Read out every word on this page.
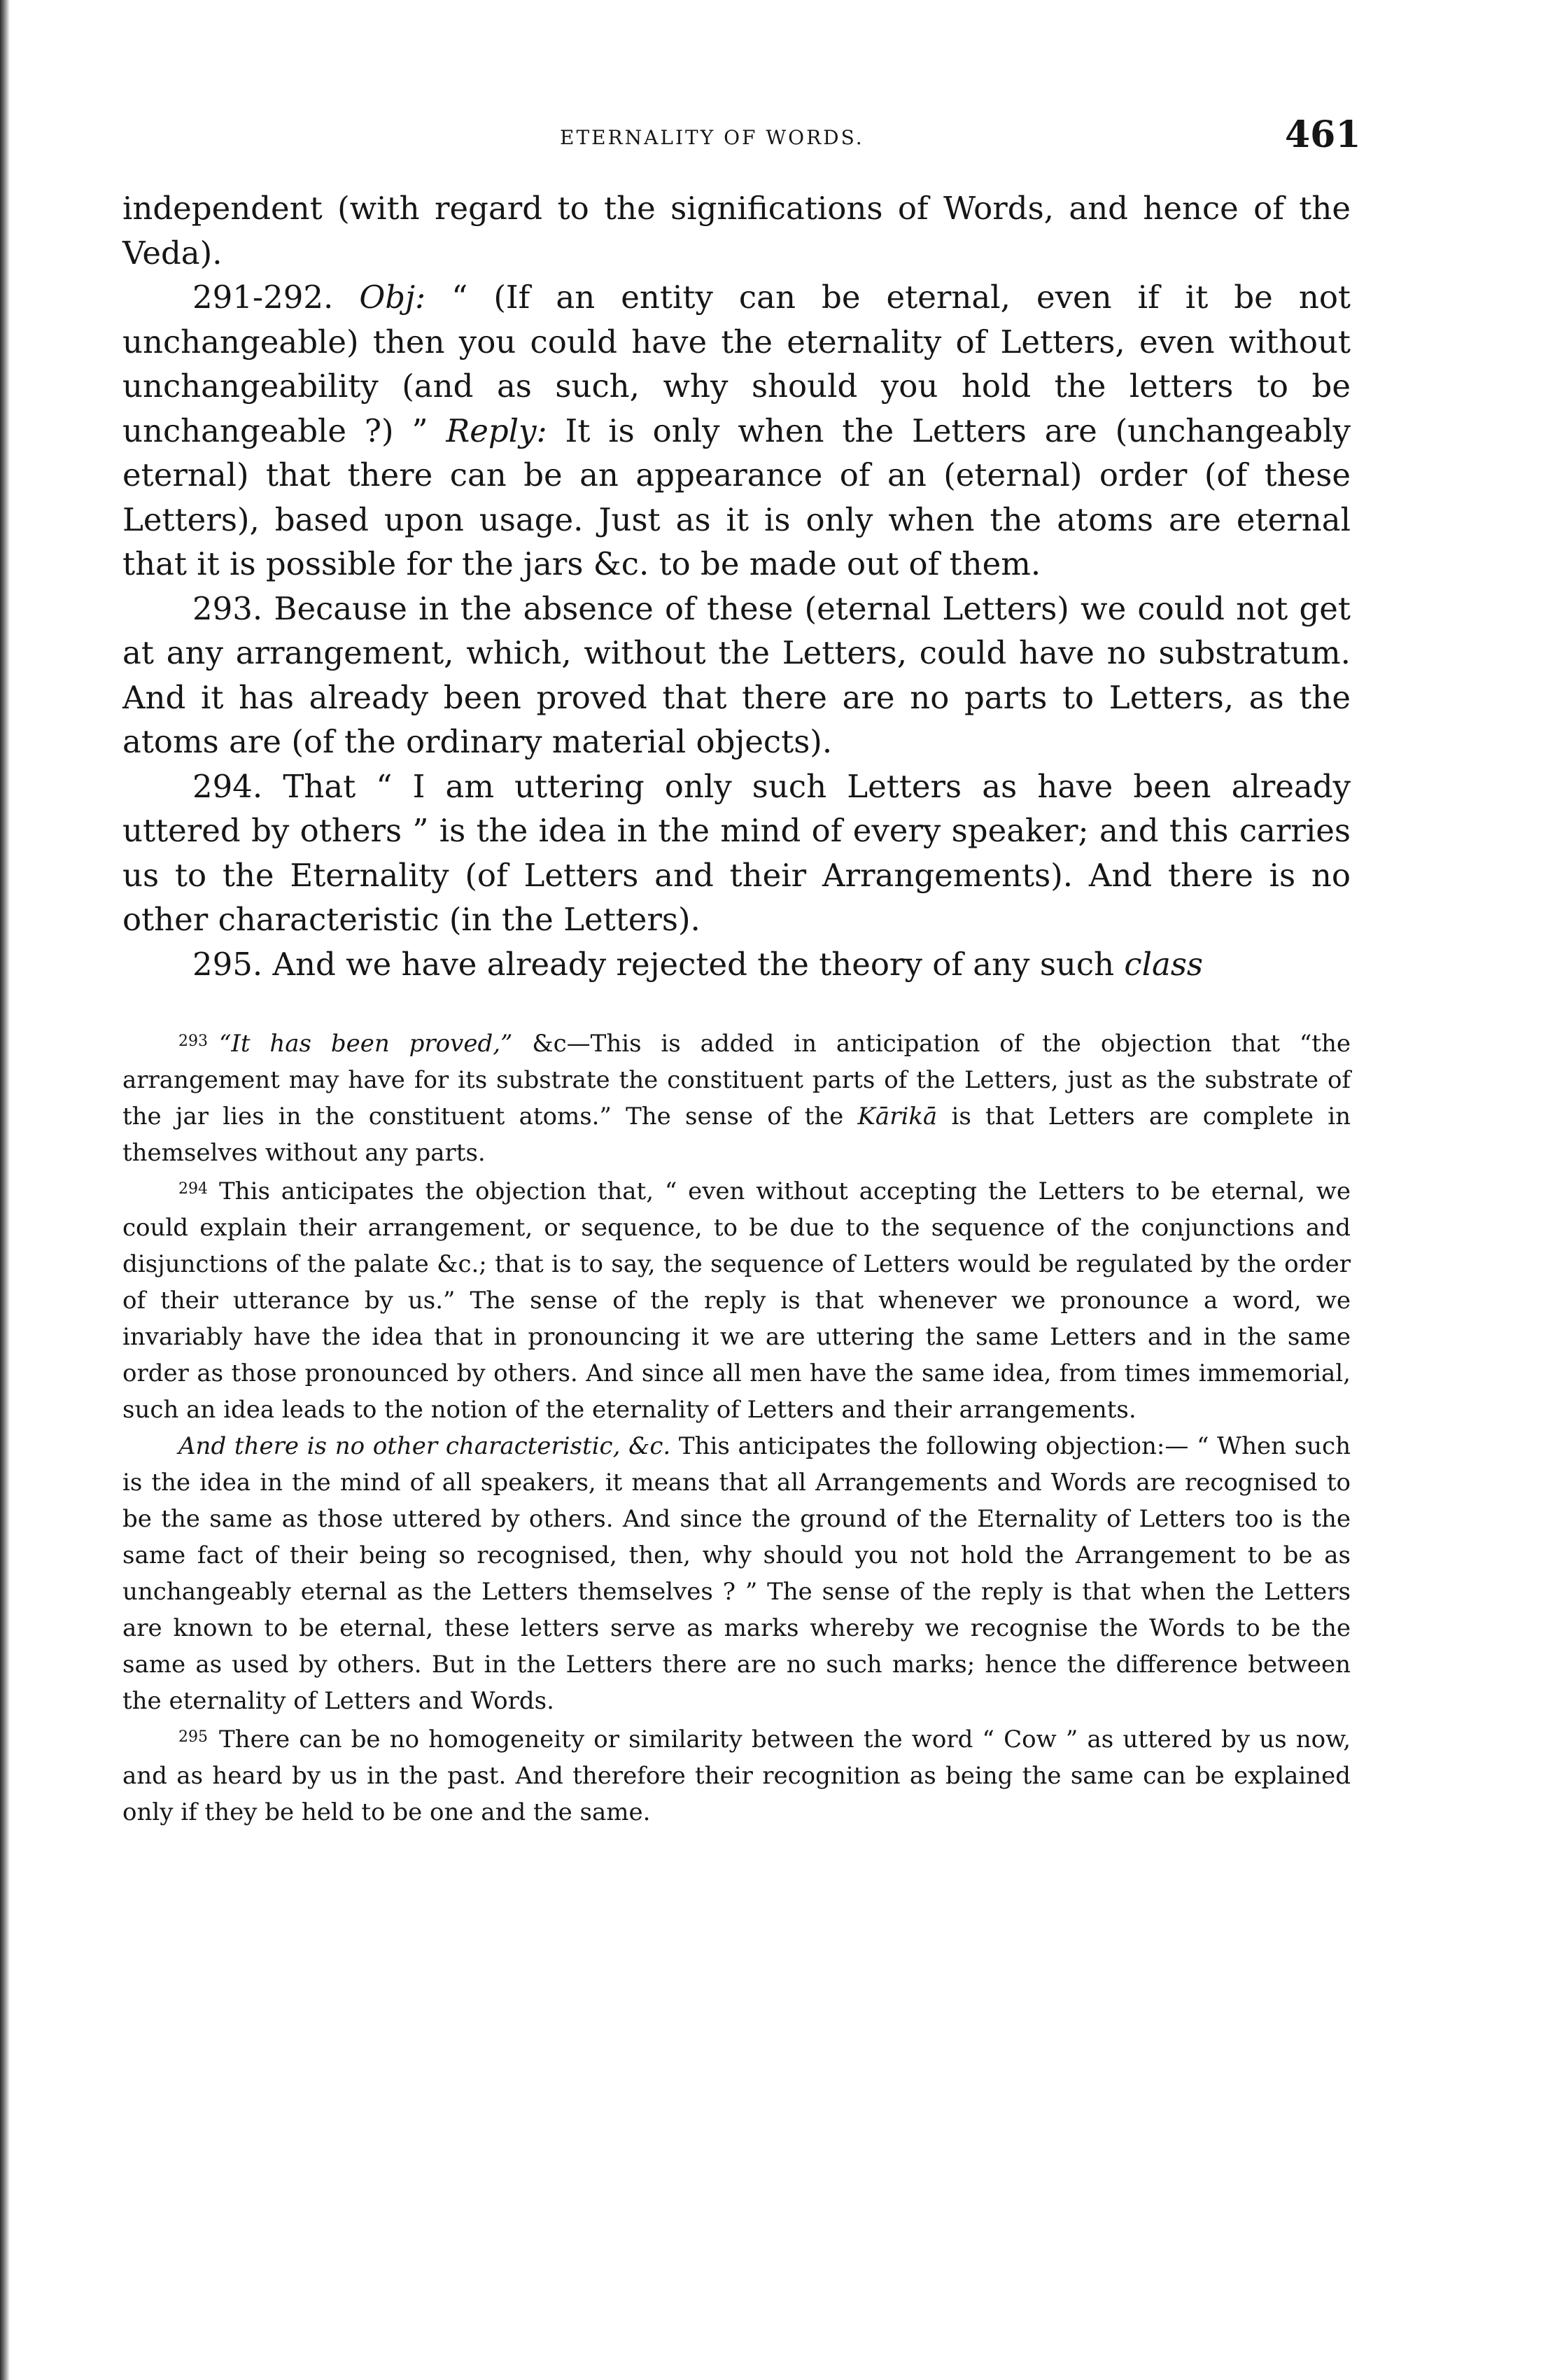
ETERNALITY OF WORDS.	461

independent (with regard to the significations of Words, and hence of the Veda).

291-292. Obj: “ (If an entity can be eternal, even if it be not unchangeable) then you could have the eternality of Letters, even without unchangeability (and as such, why should you hold the letters to be unchangeable ?) ” Reply: It is only when the Letters are (unchangeably eternal) that there can be an appearance of an (eternal) order (of these Letters), based upon usage. Just as it is only when the atoms are eternal that it is possible for the jars &c. to be made out of them.

293. Because in the absence of these (eternal Letters) we could not get at any arrangement, which, without the Letters, could have no substratum. And it has already been proved that there are no parts to Letters, as the atoms are (of the ordinary material objects).

294. That “ I am uttering only such Letters as have been already uttered by others ” is the idea in the mind of every speaker; and this carries us to the Eternality (of Letters and their Arrangements). And there is no other characteristic (in the Letters).

295. And we have already rejected the theory of any such class

$^{293}$ “It has been proved,” &c—This is added in anticipation of the objection that “the arrangement may have for its substrate the constituent parts of the Letters, just as the substrate of the jar lies in the constituent atoms.” The sense of the Kārikā is that Letters are complete in themselves without any parts.

$^{294}$ This anticipates the objection that, “ even without accepting the Letters to be eternal, we could explain their arrangement, or sequence, to be due to the sequence of the conjunctions and disjunctions of the palate &c.; that is to say, the sequence of Letters would be regulated by the order of their utterance by us.” The sense of the reply is that whenever we pronounce a word, we invariably have the idea that in pronouncing it we are uttering the same Letters and in the same order as those pronounced by others. And since all men have the same idea, from times immemorial, such an idea leads to the notion of the eternality of Letters and their arrangements.

And there is no other characteristic, &c. This anticipates the following objection:— “ When such is the idea in the mind of all speakers, it means that all Arrangements and Words are recognised to be the same as those uttered by others. And since the ground of the Eternality of Letters too is the same fact of their being so recognised, then, why should you not hold the Arrangement to be as unchangeably eternal as the Letters themselves ? ” The sense of the reply is that when the Letters are known to be eternal, these letters serve as marks whereby we recognise the Words to be the same as used by others. But in the Letters there are no such marks; hence the difference between the eternality of Letters and Words.

$^{295}$ There can be no homogeneity or similarity between the word “ Cow ” as uttered by us now, and as heard by us in the past. And therefore their recognition as being the same can be explained only if they be held to be one and the same.
